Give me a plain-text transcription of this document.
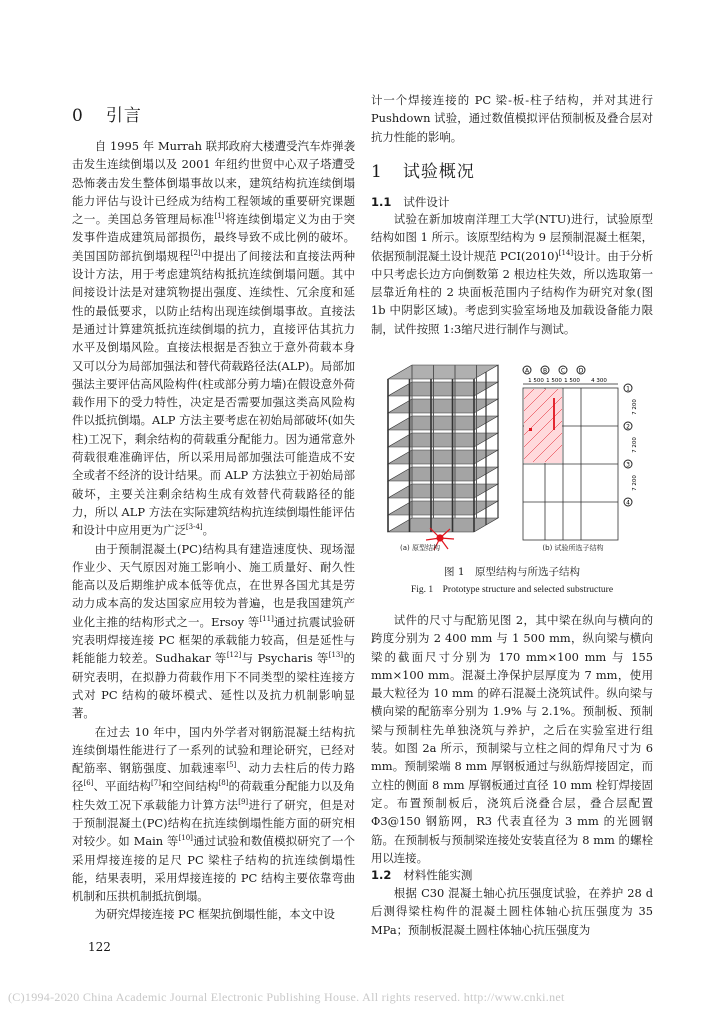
0 引言

自 1995 年 Murrah 联邦政府大楼遭受汽车炸弹袭击发生连续倒塌以及 2001 年纽约世贸中心双子塔遭受恐怖袭击发生整体倒塌事故以来，建筑结构抗连续倒塌能力评估与设计已经成为结构工程领域的重要研究课题之一。美国总务管理局标准[1]将连续倒塌定义为由于突发事件造成建筑局部损伤，最终导致不成比例的破坏。美国国防部抗倒塌规程[2]中提出了间接法和直接法两种设计方法，用于考虑建筑结构抵抗连续倒塌问题。其中间接设计法是对建筑物提出强度、连续性、冗余度和延性的最低要求，以防止结构出现连续倒塌事故。直接法是通过计算建筑抵抗连续倒塌的抗力，直接评估其抗力水平及倒塌风险。直接法根据是否独立于意外荷载本身又可以分为局部加强法和替代荷载路径法(ALP)。局部加强法主要评估高风险构件(柱或部分剪力墙)在假设意外荷载作用下的受力特性，决定是否需要加强这类高风险构件以抵抗倒塌。ALP 方法主要考虑在初始局部破坏(如失柱)工况下，剩余结构的荷载重分配能力。因为通常意外荷载很难准确评估，所以采用局部加强法可能造成不安全或者不经济的设计结果。而 ALP 方法独立于初始局部破坏，主要关注剩余结构生成有效替代荷载路径的能力，所以 ALP 方法在实际建筑结构抗连续倒塌性能评估和设计中应用更为广泛[3-4]。

由于预制混凝土(PC)结构具有建造速度快、现场湿作业少、天气原因对施工影响小、施工质量好、耐久性能高以及后期维护成本低等优点，在世界各国尤其是劳动力成本高的发达国家应用较为普遍，也是我国建筑产业化主推的结构形式之一。Ersoy 等[11]通过抗震试验研究表明焊接连接 PC 框架的承载能力较高，但是延性与耗能能力较差。Sudhakar 等[12]与 Psycharis 等[13]的研究表明，在拟静力荷载作用下不同类型的梁柱连接方式对 PC 结构的破坏模式、延性以及抗力机制影响显著。

在过去 10 年中，国内外学者对钢筋混凝土结构抗连续倒塌性能进行了一系列的试验和理论研究，已经对配筋率、钢筋强度、加载速率[5]、动力去柱后的传力路径[6]、平面结构[7]和空间结构[8]的荷载重分配能力以及角柱失效工况下承载能力计算方法[9]进行了研究，但是对于预制混凝土(PC)结构在抗连续倒塌性能方面的研究相对较少。如 Main 等[10]通过试验和数值模拟研究了一个采用焊接连接的足尺 PC 梁柱子结构的抗连续倒塌性能，结果表明，采用焊接连接的 PC 结构主要依靠弯曲机制和压拱机制抵抗倒塌。

为研究焊接连接 PC 框架抗倒塌性能，本文中设

122

计一个焊接连接的 PC 梁-板-柱子结构，并对其进行 Pushdown 试验，通过数值模拟评估预制板及叠合层对抗力性能的影响。

1 试验概况
1.1 试件设计

试验在新加坡南洋理工大学(NTU)进行，试验原型结构如图 1 所示。该原型结构为 9 层预制混凝土框架，依据预制混凝土设计规范 PCI(2010)[14]设计。由于分析中只考虑长边方向倒数第 2 根边柱失效，所以选取第一层靠近角柱的 2 块面板范围内子结构作为研究对象(图 1b 中阴影区域)。考虑到实验室场地及加载设备能力限制，试件按照 1:3缩尺进行制作与测试。

A B C D
1 500 1 500 1 500 4 300
1
2
3
4
7 200
7 200
7 200
(a) 原型结构	(b) 试验所选子结构
图 1　原型结构与所选子结构
Fig. 1　Prototype structure and selected substructure

试件的尺寸与配筋见图 2，其中梁在纵向与横向的跨度分别为 2 400 mm 与 1 500 mm，纵向梁与横向梁的截面尺寸分别为 170 mm×100 mm 与 155 mm×100 mm。混凝土净保护层厚度为 7 mm，使用最大粒径为 10 mm 的碎石混凝土浇筑试件。纵向梁与横向梁的配筋率分别为 1.9% 与 2.1%。预制板、预制梁与预制柱先单独浇筑与养护，之后在实验室进行组装。如图 2a 所示，预制梁与立柱之间的焊角尺寸为 6 mm。预制梁端 8 mm 厚钢板通过与纵筋焊接固定，而立柱的侧面 8 mm 厚钢板通过直径 10 mm 栓钉焊接固定。布置预制板后，浇筑后浇叠合层，叠合层配置Φ3@150 钢筋网，R3 代表直径为 3 mm 的光圆钢筋。在预制板与预制梁连接处安装直径为 8 mm 的螺栓用以连接。

1.2 材料性能实测

根据 C30 混凝土轴心抗压强度试验，在养护 28 d 后测得梁柱构件的混凝土圆柱体轴心抗压强度为 35 MPa；预制板混凝土圆柱体轴心抗压强度为

(C)1994-2020 China Academic Journal Electronic Publishing House. All rights reserved. http://www.cnki.net
